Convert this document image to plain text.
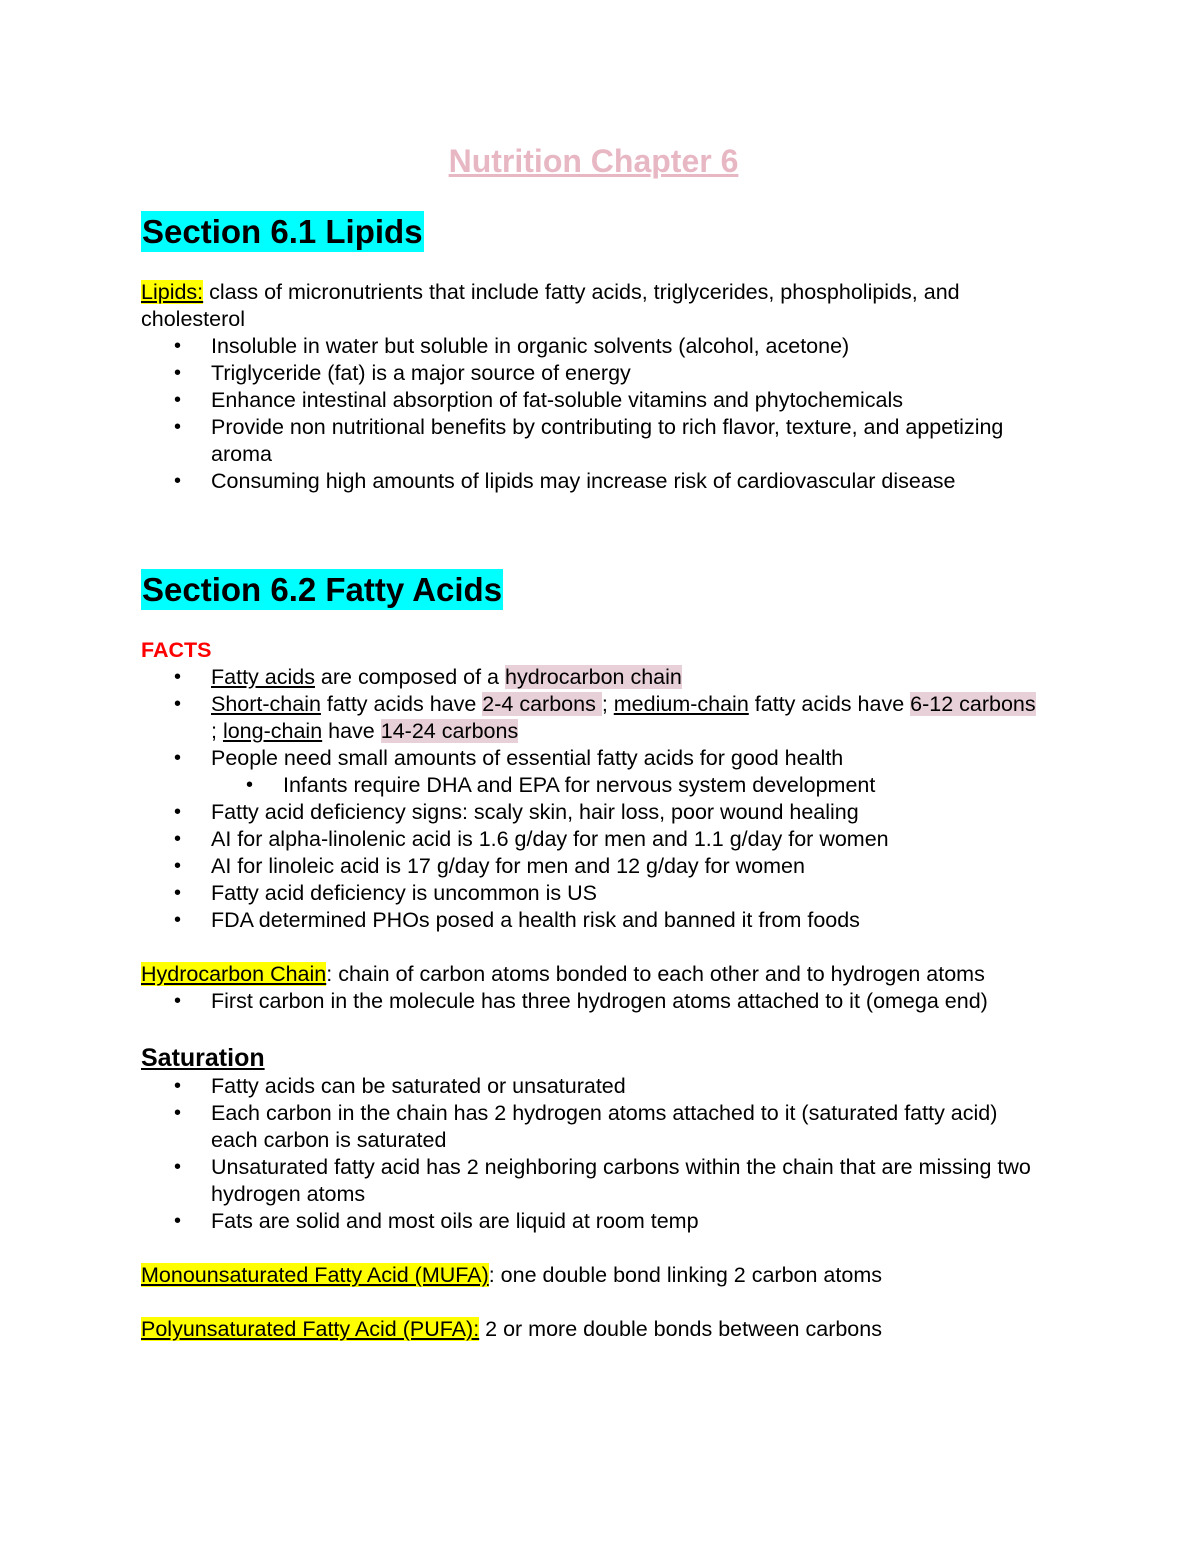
Nutrition Chapter 6
Section 6.1 Lipids

Lipids: class of micronutrients that include fatty acids, triglycerides, phospholipids, and cholesterol

• Insoluble in water but soluble in organic solvents (alcohol, acetone)
• Triglyceride (fat) is a major source of energy
• Enhance intestinal absorption of fat-soluble vitamins and phytochemicals
• Provide non nutritional benefits by contributing to rich flavor, texture, and appetizing aroma
• Consuming high amounts of lipids may increase risk of cardiovascular disease
Section 6.2 Fatty Acids

FACTS

• Fatty acids are composed of a hydrocarbon chain
• Short-chain fatty acids have 2-4 carbons ; medium-chain fatty acids have 6-12 carbons ; long-chain have 14-24 carbons
• People need small amounts of essential fatty acids for good health
• Infants require DHA and EPA for nervous system development
• Fatty acid deficiency signs: scaly skin, hair loss, poor wound healing
• AI for alpha-linolenic acid is 1.6 g/day for men and 1.1 g/day for women
• AI for linoleic acid is 17 g/day for men and 12 g/day for women
• Fatty acid deficiency is uncommon is US
• FDA determined PHOs posed a health risk and banned it from foods

Hydrocarbon Chain: chain of carbon atoms bonded to each other and to hydrogen atoms

• First carbon in the molecule has three hydrogen atoms attached to it (omega end)
Saturation
• Fatty acids can be saturated or unsaturated
• Each carbon in the chain has 2 hydrogen atoms attached to it (saturated fatty acid) each carbon is saturated
• Unsaturated fatty acid has 2 neighboring carbons within the chain that are missing two hydrogen atoms
• Fats are solid and most oils are liquid at room temp

Monounsaturated Fatty Acid (MUFA): one double bond linking 2 carbon atoms

Polyunsaturated Fatty Acid (PUFA): 2 or more double bonds between carbons
